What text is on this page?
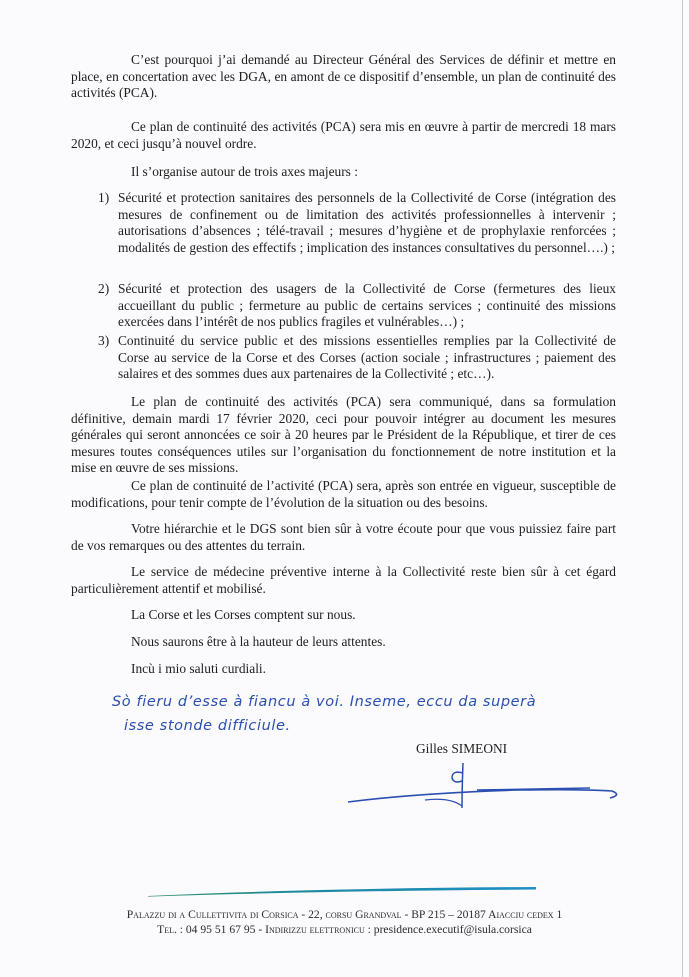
C’est pourquoi j’ai demandé au Directeur Général des Services de définir et mettre en place, en concertation avec les DGA, en amont de ce dispositif d’ensemble, un plan de continuité des activités (PCA).

Ce plan de continuité des activités (PCA) sera mis en œuvre à partir de mercredi 18 mars 2020, et ceci jusqu’à nouvel ordre.

Il s’organise autour de trois axes majeurs :

1) Sécurité et protection sanitaires des personnels de la Collectivité de Corse (intégration des mesures de confinement ou de limitation des activités professionnelles à intervenir ; autorisations d’absences ; télé-travail ; mesures d’hygiène et de prophylaxie renforcées ; modalités de gestion des effectifs ; implication des instances consultatives du personnel….) ;
2) Sécurité et protection des usagers de la Collectivité de Corse (fermetures des lieux accueillant du public ; fermeture au public de certains services ; continuité des missions exercées dans l’intérêt de nos publics fragiles et vulnérables…) ;
3) Continuité du service public et des missions essentielles remplies par la Collectivité de Corse au service de la Corse et des Corses (action sociale ; infrastructures ; paiement des salaires et des sommes dues aux partenaires de la Collectivité ; etc…).

Le plan de continuité des activités (PCA) sera communiqué, dans sa formulation définitive, demain mardi 17 février 2020, ceci pour pouvoir intégrer au document les mesures générales qui seront annoncées ce soir à 20 heures par le Président de la République, et tirer de ces mesures toutes conséquences utiles sur l’organisation du fonctionnement de notre institution et la mise en œuvre de ses missions.

Ce plan de continuité de l’activité (PCA) sera, après son entrée en vigueur, susceptible de modifications, pour tenir compte de l’évolution de la situation ou des besoins.

Votre hiérarchie et le DGS sont bien sûr à votre écoute pour que vous puissiez faire part de vos remarques ou des attentes du terrain.

Le service de médecine préventive interne à la Collectivité reste bien sûr à cet égard particulièrement attentif et mobilisé.

La Corse et les Corses comptent sur nous.

Nous saurons être à la hauteur de leurs attentes.

Incù i mio saluti curdiali.

Sò fieru d’esse à fiancu à voi. Inseme, eccu da superà
isse stonde difficiule.
Gilles SIMEONI
Palazzu di a Cullettivita di Corsica - 22, corsu Grandval - BP 215 – 20187 Aiacciu cedex 1
Tel. : 04 95 51 67 95 - Indirizzu elettronicu : presidence.executif@isula.corsica
